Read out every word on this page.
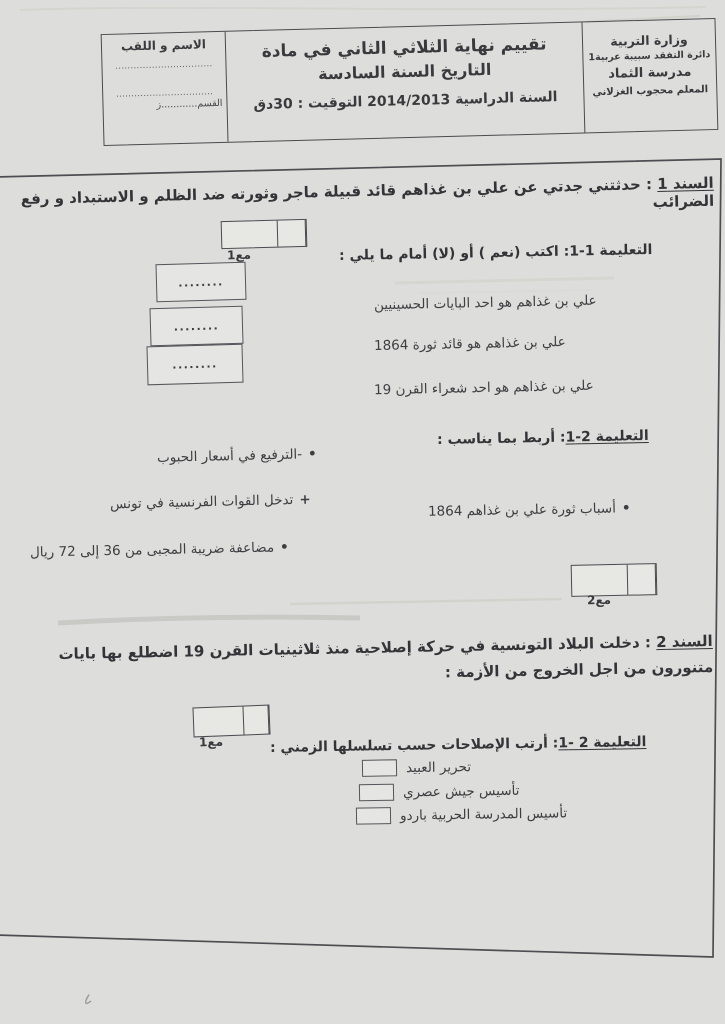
وزارة التربية
دائرة التفقد سبيبة عربية1
مدرسة الثماد
المعلم محجوب الغزلاني
تقييم نهاية الثلاثي الثاني في مادة
التاريخ السنة السادسة
السنة الدراسية 2014/2013 التوقيت : 30دق
الاسم و اللقب
................................
................................
القسم............ز
السند 1 : حدثتني جدتي عن علي بن غذاهم قائد قبيلة ماجر وثورته ضد الظلم و الاستبداد و رفع الضرائب
مع1	التعليمة 1-1: اكتب (نعم ) أو (لا) أمام ما يلي :
........
........
........
علي بن غذاهم هو احد البايات الحسينيين
علي بن غذاهم هو قائد ثورة 1864
علي بن غذاهم هو احد شعراء القرن 19
التعليمة 2-1: أربط بما يناسب :
•-الترفيع في أسعار الحبوب
+تدخل القوات الفرنسية في تونس
•مضاعفة ضريبة المجبى من 36 إلى 72 ريال
•أسباب ثورة علي بن غذاهم 1864
مع2
السند 2 : دخلت البلاد التونسية في حركة إصلاحية منذ ثلاثينيات القرن 19 اضطلع بها بايات متنورون من اجل الخروج من الأزمة :
مع1	التعليمة 2 -1: أرتب الإصلاحات حسب تسلسلها الزمني :
تحرير العبيد
تأسيس جيش عصري
تأسيس المدرسة الحربية باردو
